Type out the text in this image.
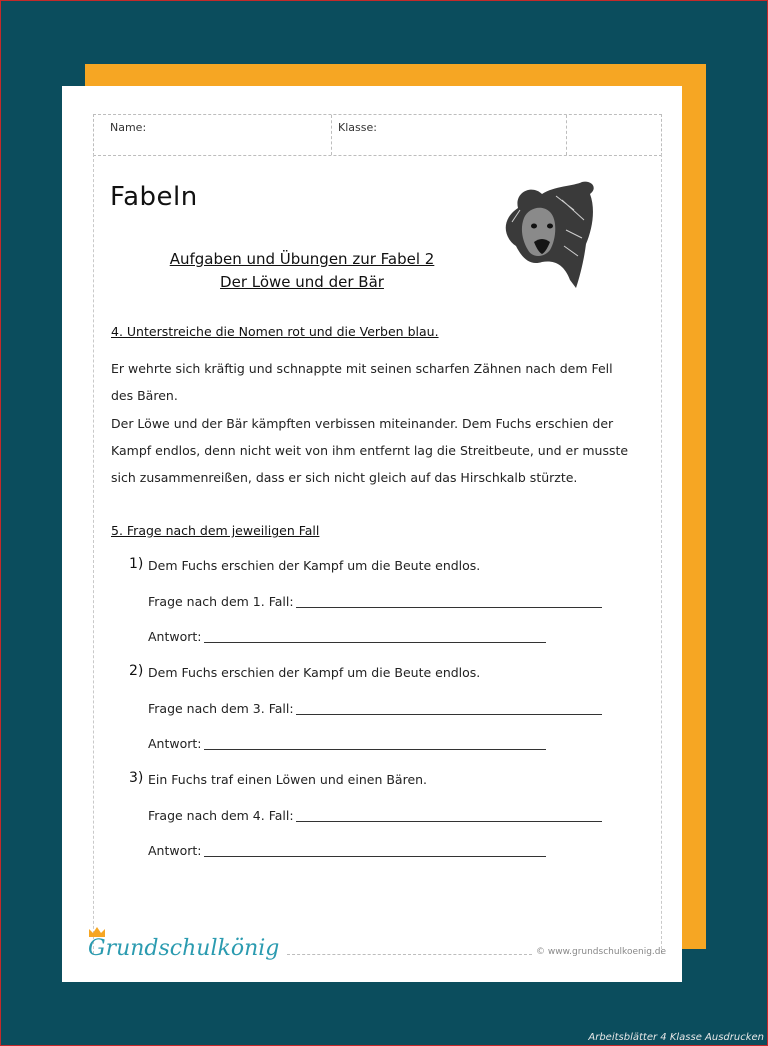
Name:	Klasse:
Fabeln
Aufgaben und Übungen zur Fabel 2
Der Löwe und der Bär
4. Unterstreiche die Nomen rot und die Verben blau.
Er wehrte sich kräftig und schnappte mit seinen scharfen Zähnen nach dem Fell des Bären.
Der Löwe und der Bär kämpften verbissen miteinander. Dem Fuchs erschien der Kampf endlos, denn nicht weit von ihm entfernt lag die Streitbeute, und er musste sich zusammenreißen, dass er sich nicht gleich auf das Hirschkalb stürzte.
5. Frage nach dem jeweiligen Fall
1) Dem Fuchs erschien der Kampf um die Beute endlos.
Frage nach dem 1. Fall:
Antwort:
2) Dem Fuchs erschien der Kampf um die Beute endlos.
Frage nach dem 3. Fall:
Antwort:
3) Ein Fuchs traf einen Löwen und einen Bären.
Frage nach dem 4. Fall:
Antwort:
Grundschulkönig	© www.grundschulkoenig.de
Arbeitsblätter 4 Klasse Ausdrucken
